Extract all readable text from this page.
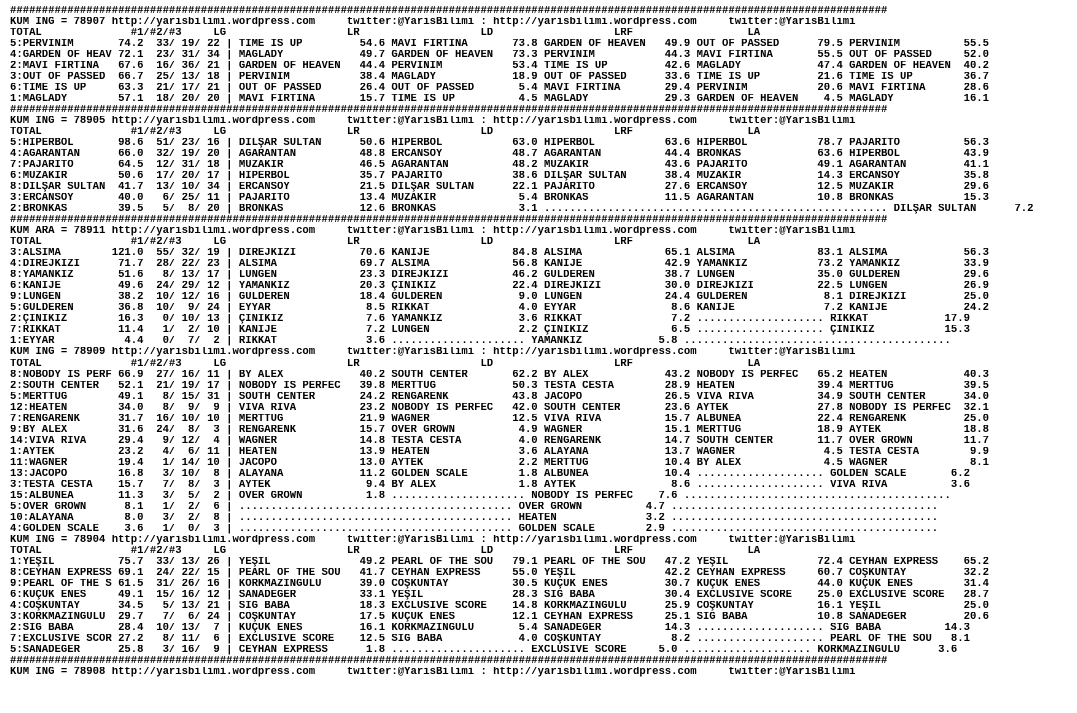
##########################################################################################################################################
KUM ING = 78907 http://yarisbilimi.wordpress.com     twitter:@YarisBilimi : http://yarisbilimi.wordpress.com     twitter:@YarisBilimi
TOTAL              #1/#2/#3     LG                   LR                   LD                   LRF                  LA
5:PERVİNİM       74.2  33/ 19/ 22 | TIME IS UP         54.6 MAVİ FIRTINA       73.8 GARDEN OF HEAVEN   49.9 OUT OF PASSED      79.5 PERVİNİM          55.5
4:GARDEN OF HEAV 72.1  23/ 31/ 34 | MAGLADY            49.7 GARDEN OF HEAVEN   73.3 PERVİNİM           44.3 MAVİ FIRTINA       55.5 OUT OF PASSED     52.0
2:MAVİ FIRTINA   67.6  16/ 36/ 21 | GARDEN OF HEAVEN   44.4 PERVİNİM           53.4 TIME IS UP         42.6 MAGLADY            47.4 GARDEN OF HEAVEN  40.2
3:OUT OF PASSED  66.7  25/ 13/ 18 | PERVİNİM           38.4 MAGLADY            18.9 OUT OF PASSED      33.6 TIME IS UP         21.6 TIME IS UP        36.7
6:TIME IS UP     63.3  21/ 17/ 21 | OUT OF PASSED      26.4 OUT OF PASSED       5.4 MAVİ FIRTINA       29.4 PERVİNİM           20.6 MAVİ FIRTINA      28.6
1:MAGLADY        57.1  18/ 20/ 20 | MAVİ FIRTINA       15.7 TIME IS UP          4.5 MAGLADY            29.3 GARDEN OF HEAVEN    4.5 MAGLADY           16.1
##########################################################################################################################################
KUM ING = 78905 http://yarisbilimi.wordpress.com     twitter:@YarisBilimi : http://yarisbilimi.wordpress.com     twitter:@YarisBilimi
TOTAL              #1/#2/#3     LG                   LR                   LD                   LRF                  LA
5:HİPERBOL       98.6  51/ 23/ 16 | DİLŞAR SULTAN      50.6 HİPERBOL           63.0 HİPERBOL           63.6 HİPERBOL           78.7 PAJARITO          56.3
4:AĞARANTAN      66.0  32/ 19/ 20 | AĞARANTAN          48.8 ERCANSOY           48.7 AĞARANTAN          44.4 BRONKAS            63.6 HİPERBOL          43.9
7:PAJARITO       64.5  12/ 31/ 18 | MÜZAKİR            46.5 AĞARANTAN          48.2 MÜZAKİR            43.6 PAJARITO           49.1 AĞARANTAN         41.1
6:MÜZAKİR        50.6  17/ 20/ 17 | HİPERBOL           35.7 PAJARITO           38.6 DİLŞAR SULTAN      38.4 MÜZAKİR            14.3 ERCANSOY          35.8
8:DİLŞAR SULTAN  41.7  13/ 10/ 34 | ERCANSOY           21.5 DİLŞAR SULTAN      22.1 PAJARITO           27.6 ERCANSOY           12.5 MÜZAKİR           29.6
3:ERCANSOY       40.0   6/ 25/ 11 | PAJARITO           13.4 MÜZAKİR             5.4 BRONKAS            11.5 AĞARANTAN          10.8 BRONKAS           15.3
2:BRONKAS        39.5   5/  8/ 20 | BRONKAS            12.6 BRONKAS             3.1 ...................................................... DİLŞAR SULTAN      7.2
##########################################################################################################################################
KUM ARA = 78911 http://yarisbilimi.wordpress.com     twitter:@YarisBilimi : http://yarisbilimi.wordpress.com     twitter:@YarisBilimi
TOTAL              #1/#2/#3     LG                   LR                   LD                   LRF                  LA
3:ALSİMA        121.0  55/ 32/ 19 | DİREJKIZI          70.6 KANİJE             84.8 ALSİMA             65.1 ALSİMA             83.1 ALSİMA            56.3
4:DİREJKIZI      71.7  28/ 22/ 23 | ALSİMA             69.7 ALSİMA             56.8 KANİJE             42.9 YAMANKIZ           73.2 YAMANKIZ          33.9
8:YAMANKIZ       51.6   8/ 13/ 17 | LUNGEN             23.3 DİREJKIZI          46.2 GÜLDEREN           38.7 LUNGEN             35.0 GÜLDEREN          29.6
6:KANİJE         49.6  24/ 29/ 12 | YAMANKIZ           20.3 ÇİNİKİZ            22.4 DİREJKIZI          30.0 DİREJKIZI          22.5 LUNGEN            26.9
9:LUNGEN         38.2  10/ 12/ 16 | GÜLDEREN           18.4 GÜLDEREN            9.0 LUNGEN             24.4 GÜLDEREN            8.1 DİREJKIZI         25.0
5:GÜLDEREN       36.8  10/  9/ 24 | EYYAR               8.5 RİKKAT              4.0 EYYAR               8.6 KANİJE              7.2 KANİJE            24.2
2:ÇİNİKİZ        16.3   0/ 10/ 13 | ÇİNİKİZ             7.6 YAMANKIZ            3.6 RİKKAT              7.2 .................... RİKKAT            17.9
7:RİKKAT         11.4   1/  2/ 10 | KANİJE              7.2 LUNGEN              2.2 ÇİNİKİZ             6.5 .................... ÇİNİKİZ           15.3
1:EYYAR           4.4   0/  7/  2 | RİKKAT              3.6 ..................... YAMANKIZ            5.8 ..........................................
KUM ING = 78909 http://yarisbilimi.wordpress.com     twitter:@YarisBilimi : http://yarisbilimi.wordpress.com     twitter:@YarisBilimi
TOTAL              #1/#2/#3     LG                   LR                   LD                   LRF                  LA
8:NOBODY IS PERF 66.9  27/ 16/ 11 | BY ALEX            40.2 SOUTH CENTER       62.2 BY ALEX            43.2 NOBODY IS PERFEC   65.2 HEATEN            40.3
2:SOUTH CENTER   52.1  21/ 19/ 17 | NOBODY IS PERFEC   39.8 MERTTUĞ            50.3 TESTA CESTA        28.9 HEATEN             39.4 MERTTUĞ           39.5
5:MERTTUĞ        49.1   8/ 15/ 31 | SOUTH CENTER       24.2 RENGARENK          43.8 JACOPO             26.5 VIVA RIVA          34.9 SOUTH CENTER      34.0
12:HEATEN        34.0   8/  9/  9 | VIVA RIVA          23.2 NOBODY IS PERFEC   42.0 SOUTH CENTER       23.6 AYTEK              27.8 NOBODY IS PERFEC  32.1
7:RENGARENK      31.7  16/ 10/ 10 | MERTTUĞ            21.9 WAGNER             12.5 VIVA RIVA          15.7 ALBUNEA            22.4 RENGARENK         25.0
9:BY ALEX        31.6  24/  8/  3 | RENGARENK          15.7 OVER GROWN          4.9 WAGNER             15.1 MERTTUĞ            18.9 AYTEK             18.8
14:VIVA RIVA     29.4   9/ 12/  4 | WAGNER             14.8 TESTA CESTA         4.0 RENGARENK          14.7 SOUTH CENTER       11.7 OVER GROWN        11.7
1:AYTEK          23.2   4/  6/ 11 | HEATEN             13.9 HEATEN              3.6 ALAYANA            13.7 WAGNER              4.5 TESTA CESTA        9.9
11:WAGNER        19.4   1/ 14/ 10 | JACOPO             13.0 AYTEK               2.2 MERTTUĞ            10.4 BY ALEX             4.5 WAGNER             8.1
13:JACOPO        16.8   3/ 10/  8 | ALAYANA            11.2 GOLDEN SCALE        1.8 ALBUNEA            10.4 .................... GOLDEN SCALE       6.2
3:TESTA CESTA    15.7   7/  8/  3 | AYTEK               9.4 BY ALEX             1.8 AYTEK               8.6 .................... VIVA RIVA          3.6
15:ALBUNEA       11.3   3/  5/  2 | OVER GROWN          1.8 ..................... NOBODY IS PERFEC    7.6 ..........................................
5:OVER GROWN      8.1   1/  2/  6 | ........................................... OVER GROWN          4.7 ..........................................
10:ALAYANA        8.0   3/  2/  8 | ........................................... HEATEN              3.2 ..........................................
4:GOLDEN SCALE    3.6   1/  0/  3 | ........................................... GOLDEN SCALE        2.9 ..........................................
KUM ING = 78904 http://yarisbilimi.wordpress.com     twitter:@YarisBilimi : http://yarisbilimi.wordpress.com     twitter:@YarisBilimi
TOTAL              #1/#2/#3     LG                   LR                   LD                   LRF                  LA
1:YEŞİL          75.7  33/ 13/ 26 | YEŞİL              49.2 PEARL OF THE SOU   79.1 PEARL OF THE SOU   47.2 YEŞİL              72.4 CEYHAN EXPRESS    65.2
8:CEYHAN EXPRESS 69.1  24/ 22/ 15 | PEARL OF THE SOU   41.7 CEYHAN EXPRESS     55.0 YEŞİL              42.2 CEYHAN EXPRESS     60.7 COŞKUNTAY         32.2
9:PEARL OF THE S 61.5  31/ 26/ 16 | KORKMAZINGÜLÜ      39.0 COŞKUNTAY          30.5 KÜÇÜK ENES         30.7 KÜÇÜK ENES         44.0 KÜÇÜK ENES        31.4
6:KÜÇÜK ENES     49.1  15/ 16/ 12 | SANADEĞER          33.1 YEŞİL              28.3 SIĞ BABA           30.4 EXCLUSIVE SCORE    25.0 EXCLUSIVE SCORE   28.7
4:COŞKUNTAY      34.5   5/ 13/ 21 | SIĞ BABA           18.3 EXCLUSIVE SCORE    14.8 KORKMAZINGÜLÜ      25.9 COŞKUNTAY          16.1 YEŞİL             25.0
3:KORKMAZINGÜLÜ  29.7   7/  6/ 24 | COŞKUNTAY          17.5 KÜÇÜK ENES         12.1 CEYHAN EXPRESS     25.1 SIĞ BABA           10.8 SANADEĞER         20.6
2:SIĞ BABA       28.4  10/ 13/  7 | KÜÇÜK ENES         16.1 KORKMAZINGÜLÜ       5.4 SANADEĞER          14.3 .................... SIĞ BABA          14.3
7:EXCLUSIVE SCOR 27.2   8/ 11/  6 | EXCLUSIVE SCORE    12.5 SIĞ BABA            4.0 COŞKUNTAY           8.2 .................... PEARL OF THE SOU   8.1
5:SANADEĞER      25.8   3/ 16/  9 | CEYHAN EXPRESS      1.8 ..................... EXCLUSIVE SCORE     5.0 .................... KORKMAZINGÜLÜ      3.6
##########################################################################################################################################
KUM ING = 78908 http://yarisbilimi.wordpress.com     twitter:@YarisBilimi : http://yarisbilimi.wordpress.com     twitter:@YarisBilimi
